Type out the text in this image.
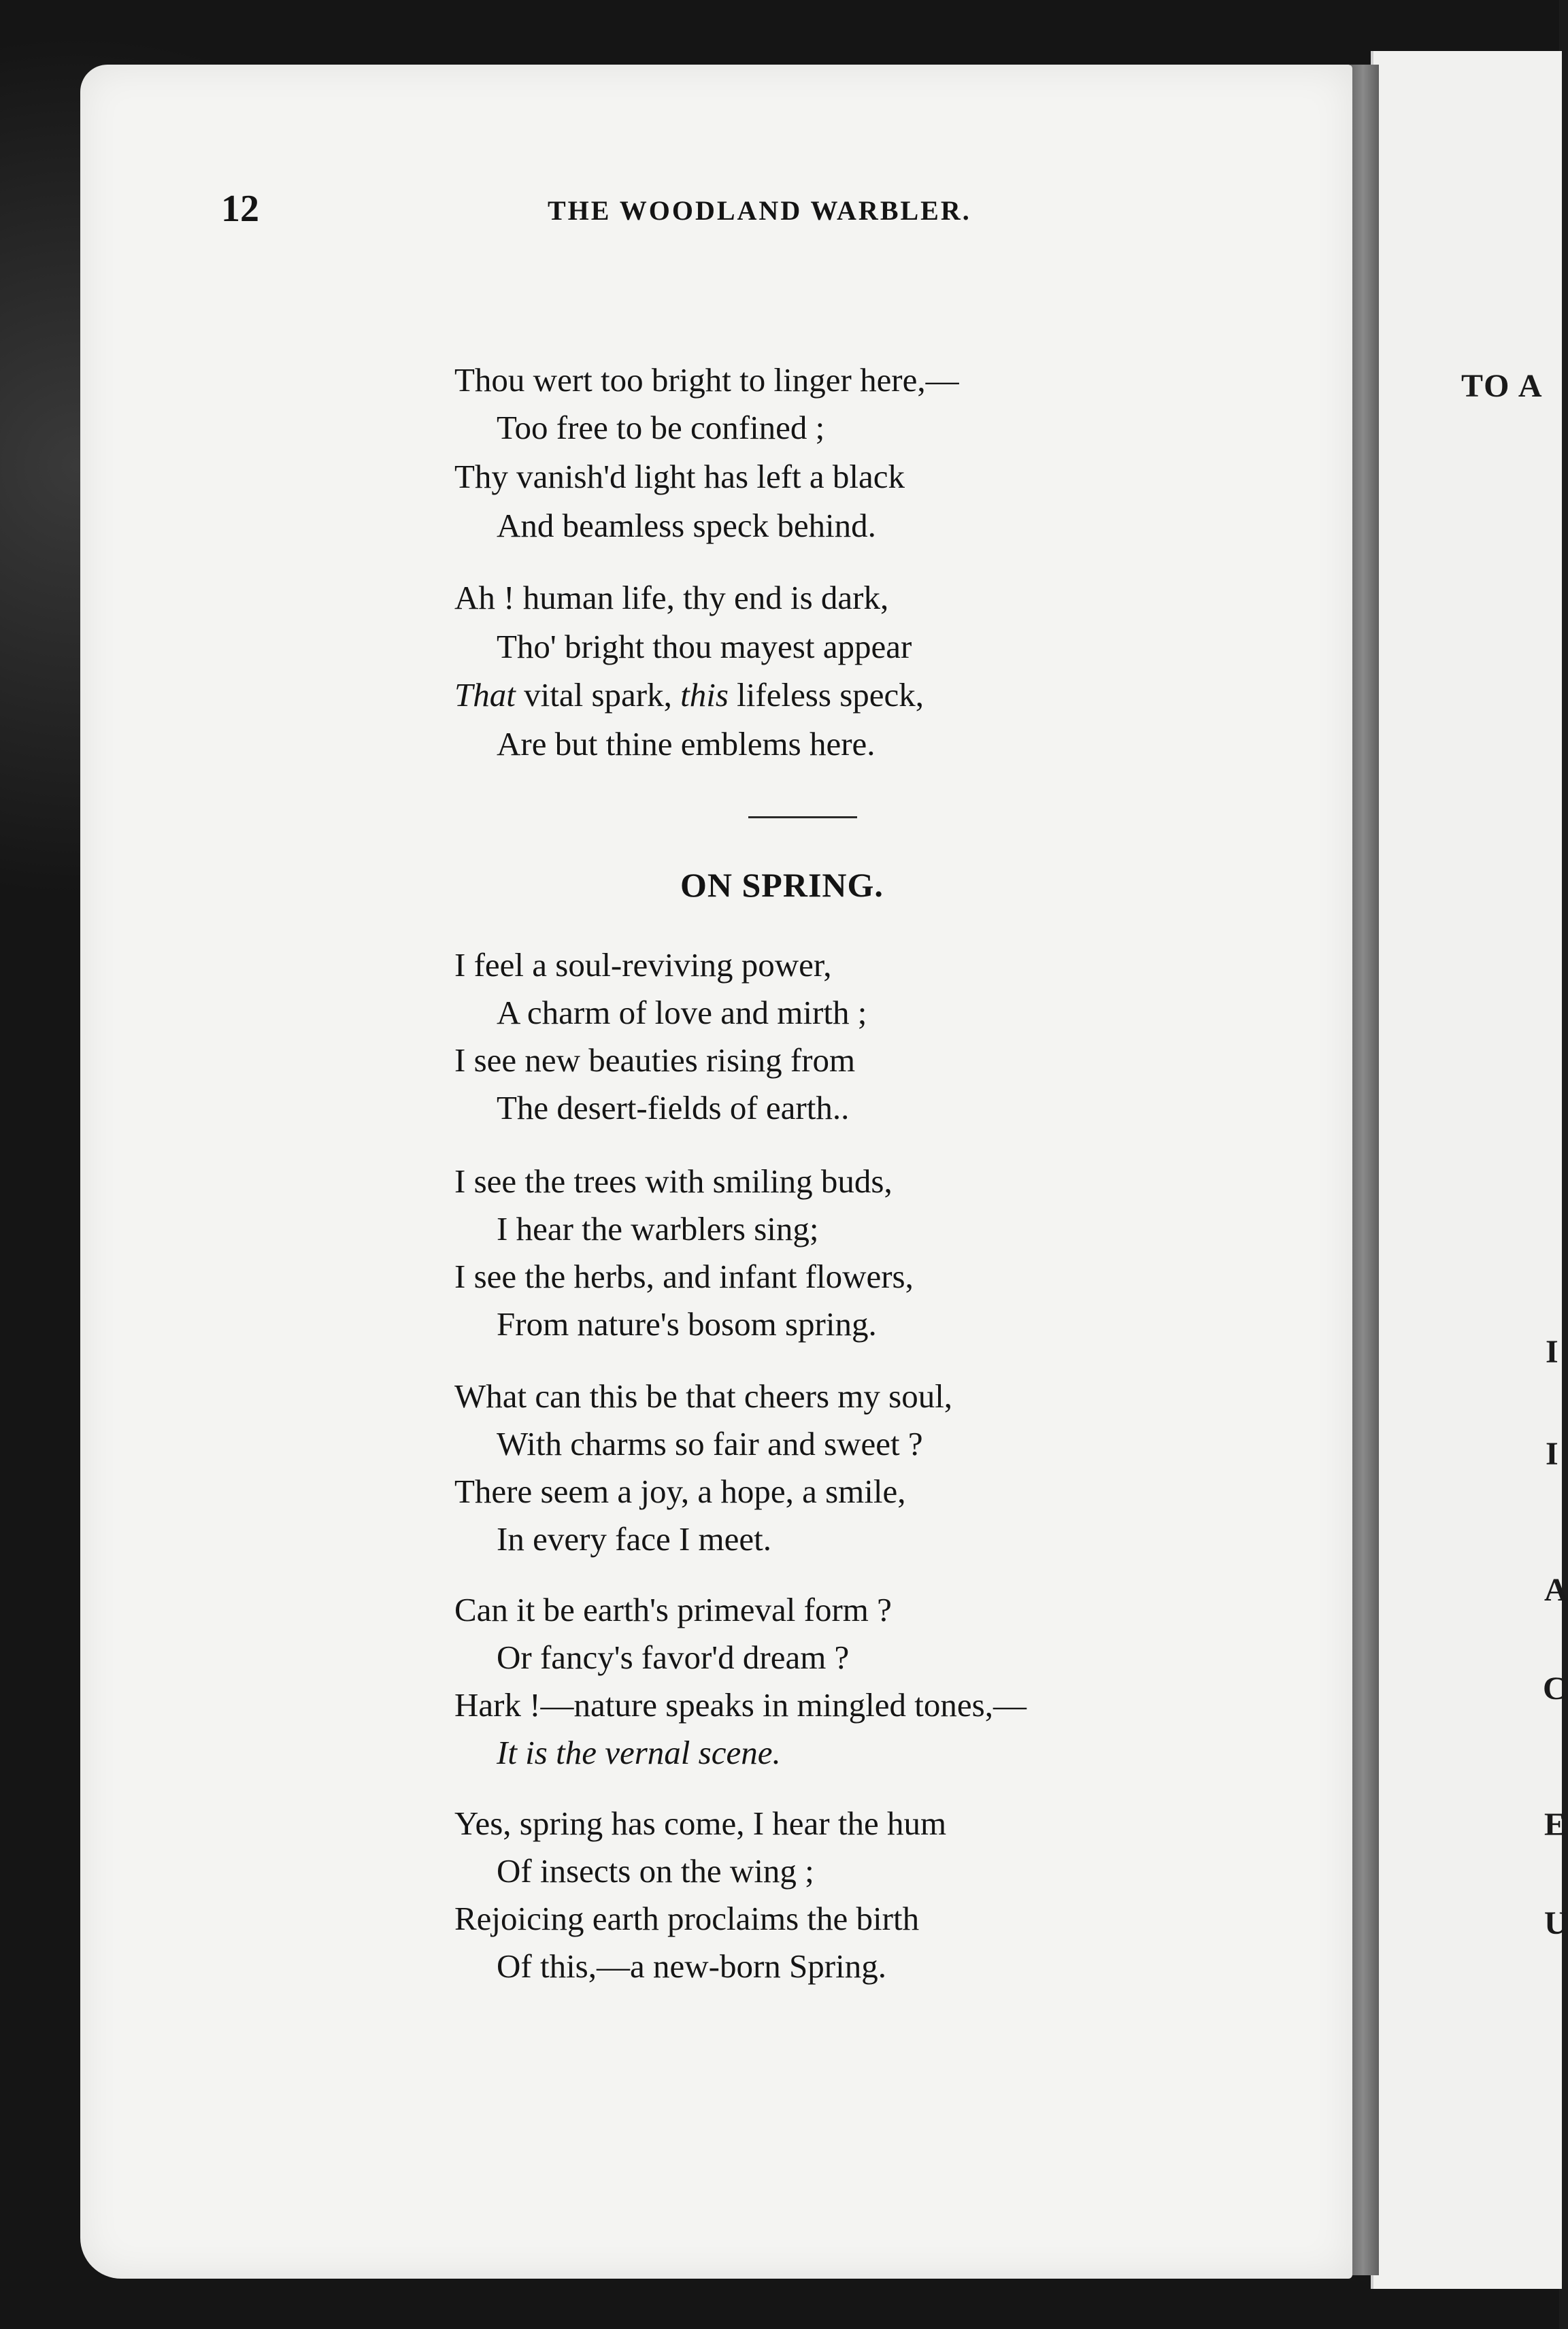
12	THE WOODLAND WARBLER.
Thou wert too bright to linger here,—
Too free to be confined ;
Thy vanish'd light has left a black
And beamless speck behind.
Ah ! human life, thy end is dark,
Tho' bright thou mayest appear
That vital spark, this lifeless speck,
Are but thine emblems here.
ON SPRING.
I feel a soul-reviving power,
A charm of love and mirth ;
I see new beauties rising from
The desert-fields of earth..
I see the trees with smiling buds,
I hear the warblers sing;
I see the herbs, and infant flowers,
From nature's bosom spring.
What can this be that cheers my soul,
With charms so fair and sweet ?
There seem a joy, a hope, a smile,
In every face I meet.
Can it be earth's primeval form ?
Or fancy's favor'd dream ?
Hark !—nature speaks in mingled tones,—
It is the vernal scene.
Yes, spring has come, I hear the hum
Of insects on the wing ;
Rejoicing earth proclaims the birth
Of this,—a new-born Spring.
TO A
I
I
A
C
E
U
